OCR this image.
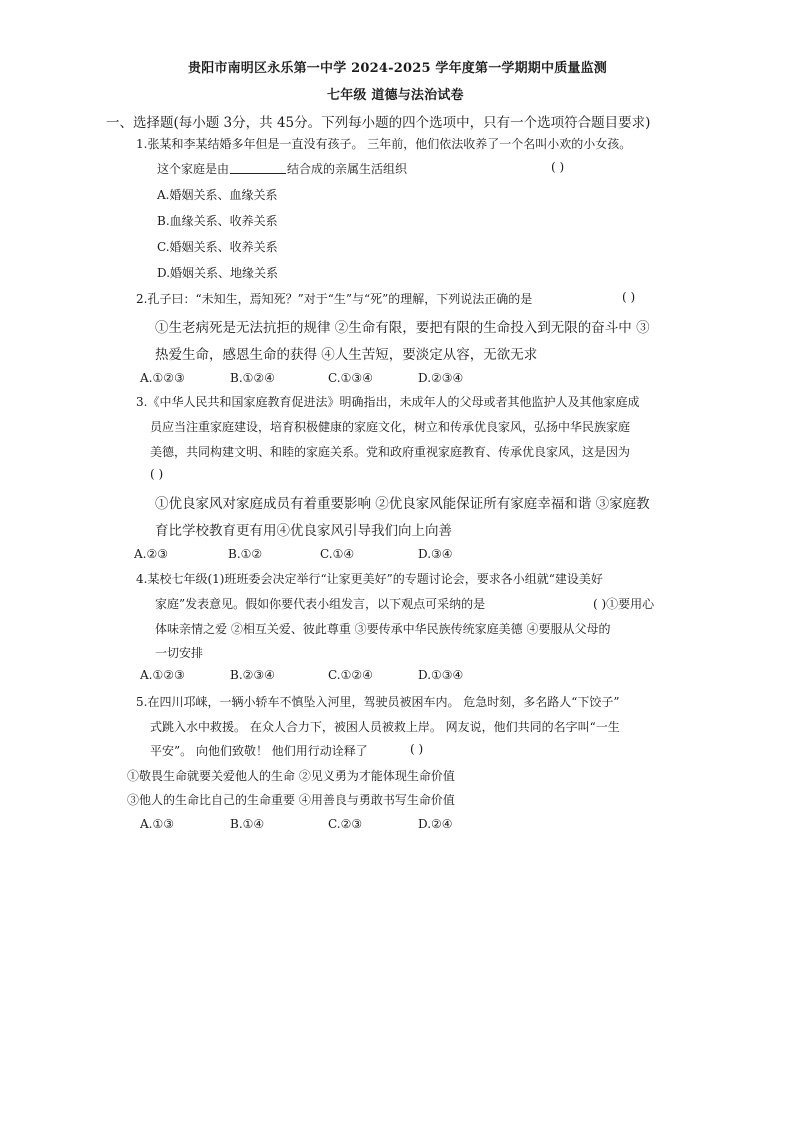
贵阳市南明区永乐第一中学 2024-2025 学年度第一学期期中质量监测
七年级 道德与法治试卷
一、选择题(每小题 3分，共 45分。下列每小题的四个选项中，只有一个选项符合题目要求)
1.张某和李某结婚多年但是一直没有孩子。 三年前，他们依法收养了一个名叫小欢的小女孩。
这个家庭是由	结合成的亲属生活组织	( )
A.婚姻关系、血缘关系
B.血缘关系、收养关系
C.婚姻关系、收养关系
D.婚姻关系、地缘关系
2.孔子曰：“未知生，焉知死？”对于“生”与“死”的理解，下列说法正确的是	( )
①生老病死是无法抗拒的规律 ②生命有限，要把有限的生命投入到无限的奋斗中 ③
热爱生命，感恩生命的获得 ④人生苦短，要淡定从容，无欲无求
A.①②③	B.①②④	C.①③④	D.②③④
3.《中华人民共和国家庭教育促进法》明确指出，未成年人的父母或者其他监护人及其他家庭成
员应当注重家庭建设，培育积极健康的家庭文化，树立和传承优良家风，弘扬中华民族家庭
美德，共同构建文明、和睦的家庭关系。党和政府重视家庭教育、传承优良家风，这是因为
( )
①优良家风对家庭成员有着重要影响 ②优良家风能保证所有家庭幸福和谐 ③家庭教
育比学校教育更有用④优良家风引导我们向上向善
A.②③	B.①②	C.①④	D.③④
4.某校七年级(1)班班委会决定举行“让家更美好”的专题讨论会，要求各小组就“建设美好
家庭”发表意见。假如你要代表小组发言，以下观点可采纳的是	( )①要用心
体味亲情之爱 ②相互关爱、彼此尊重 ③要传承中华民族传统家庭美德 ④要服从父母的
一切安排
A.①②③	B.②③④	C.①②④	D.①③④
5.在四川邛崃，一辆小轿车不慎坠入河里，驾驶员被困车内。 危急时刻，多名路人“下饺子”
式跳入水中救援。 在众人合力下，被困人员被救上岸。 网友说，他们共同的名字叫“一生
平安”。 向他们致敬！ 他们用行动诠释了	( )
①敬畏生命就要关爱他人的生命 ②见义勇为才能体现生命价值
③他人的生命比自己的生命重要 ④用善良与勇敢书写生命价值
A.①③	B.①④	C.②③	D.②④
